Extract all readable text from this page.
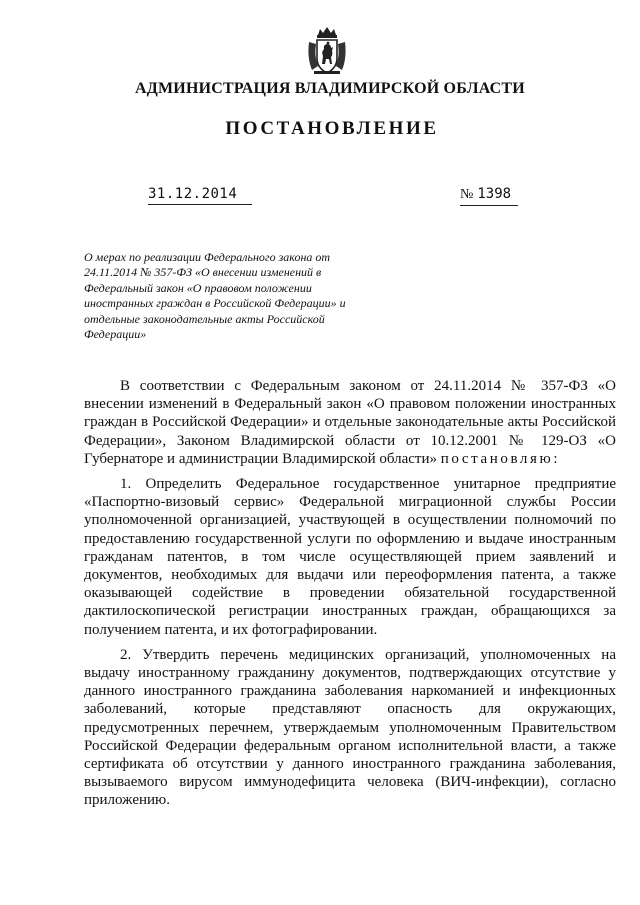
АДМИНИСТРАЦИЯ ВЛАДИМИРСКОЙ ОБЛАСТИ
ПОСТАНОВЛЕНИЕ
31.12.2014	№ 1398
О мерах по реализации Федерального закона от 24.11.2014 № 357-ФЗ «О внесении изменений в Федеральный закон «О правовом положении иностранных граждан в Российской Федерации» и отдельные законодательные акты Российской Федерации»

В соответствии с Федеральным законом от 24.11.2014 № 357-ФЗ «О внесении изменений в Федеральный закон «О правовом положении иностранных граждан в Российской Федерации» и отдельные законодательные акты Российской Федерации», Законом Владимирской области от 10.12.2001 № 129-ОЗ «О Губернаторе и администрации Владимирской области» постановляю:

1. Определить Федеральное государственное унитарное предприятие «Паспортно-визовый сервис» Федеральной миграционной службы России уполномоченной организацией, участвующей в осуществлении полномочий по предоставлению государственной услуги по оформлению и выдаче иностранным гражданам патентов, в том числе осуществляющей прием заявлений и документов, необходимых для выдачи или переоформления патента, а также оказывающей содействие в проведении обязательной государственной дактилоскопической регистрации иностранных граждан, обращающихся за получением патента, и их фотографировании.

2. Утвердить перечень медицинских организаций, уполномоченных на выдачу иностранному гражданину документов, подтверждающих отсутствие у данного иностранного гражданина заболевания наркоманией и инфекционных заболеваний, которые представляют опасность для окружающих, предусмотренных перечнем, утверждаемым уполномоченным Правительством Российской Федерации федеральным органом исполнительной власти, а также сертификата об отсутствии у данного иностранного гражданина заболевания, вызываемого вирусом иммунодефицита человека (ВИЧ-инфекции), согласно приложению.
